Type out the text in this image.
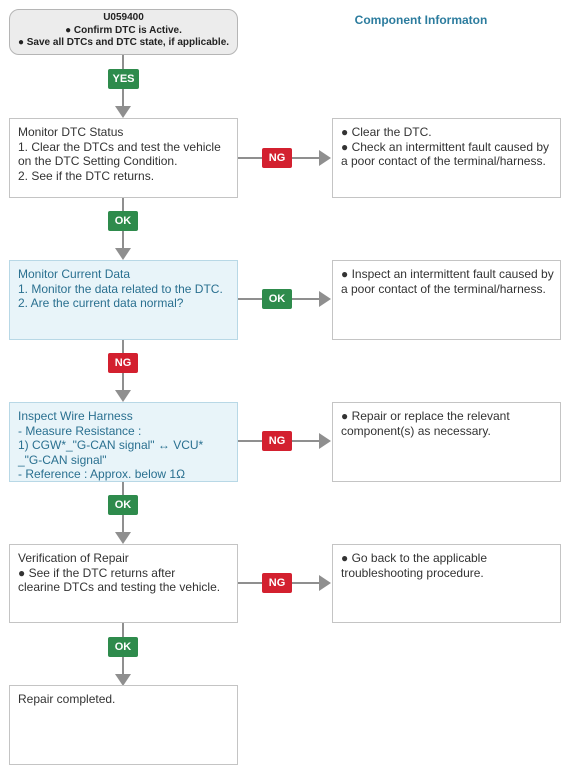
U059400
● Confirm DTC is Active.
● Save all DTCs and DTC state, if applicable.
Component Informaton
YES
Monitor DTC Status
1. Clear the DTCs and test the vehicle
on the DTC Setting Condition.
2. See if the DTC returns.
NG
● Clear the DTC.
● Check an intermittent fault caused by
a poor contact of the terminal/harness.
OK
Monitor Current Data
1. Monitor the data related to the DTC.
2. Are the current data normal?	OK
● Inspect an intermittent fault caused by
a poor contact of the terminal/harness.
NG
Inspect Wire Harness
- Measure Resistance :
1) CGW*_"G-CAN signal" ↔ VCU*
_"G-CAN signal"
- Reference : Approx. below 1Ω
NG
● Repair or replace the relevant
component(s) as necessary.
OK
Verification of Repair
● See if the DTC returns after
clearine DTCs and testing the vehicle.	NG
● Go back to the applicable
troubleshooting procedure.
OK
Repair completed.
